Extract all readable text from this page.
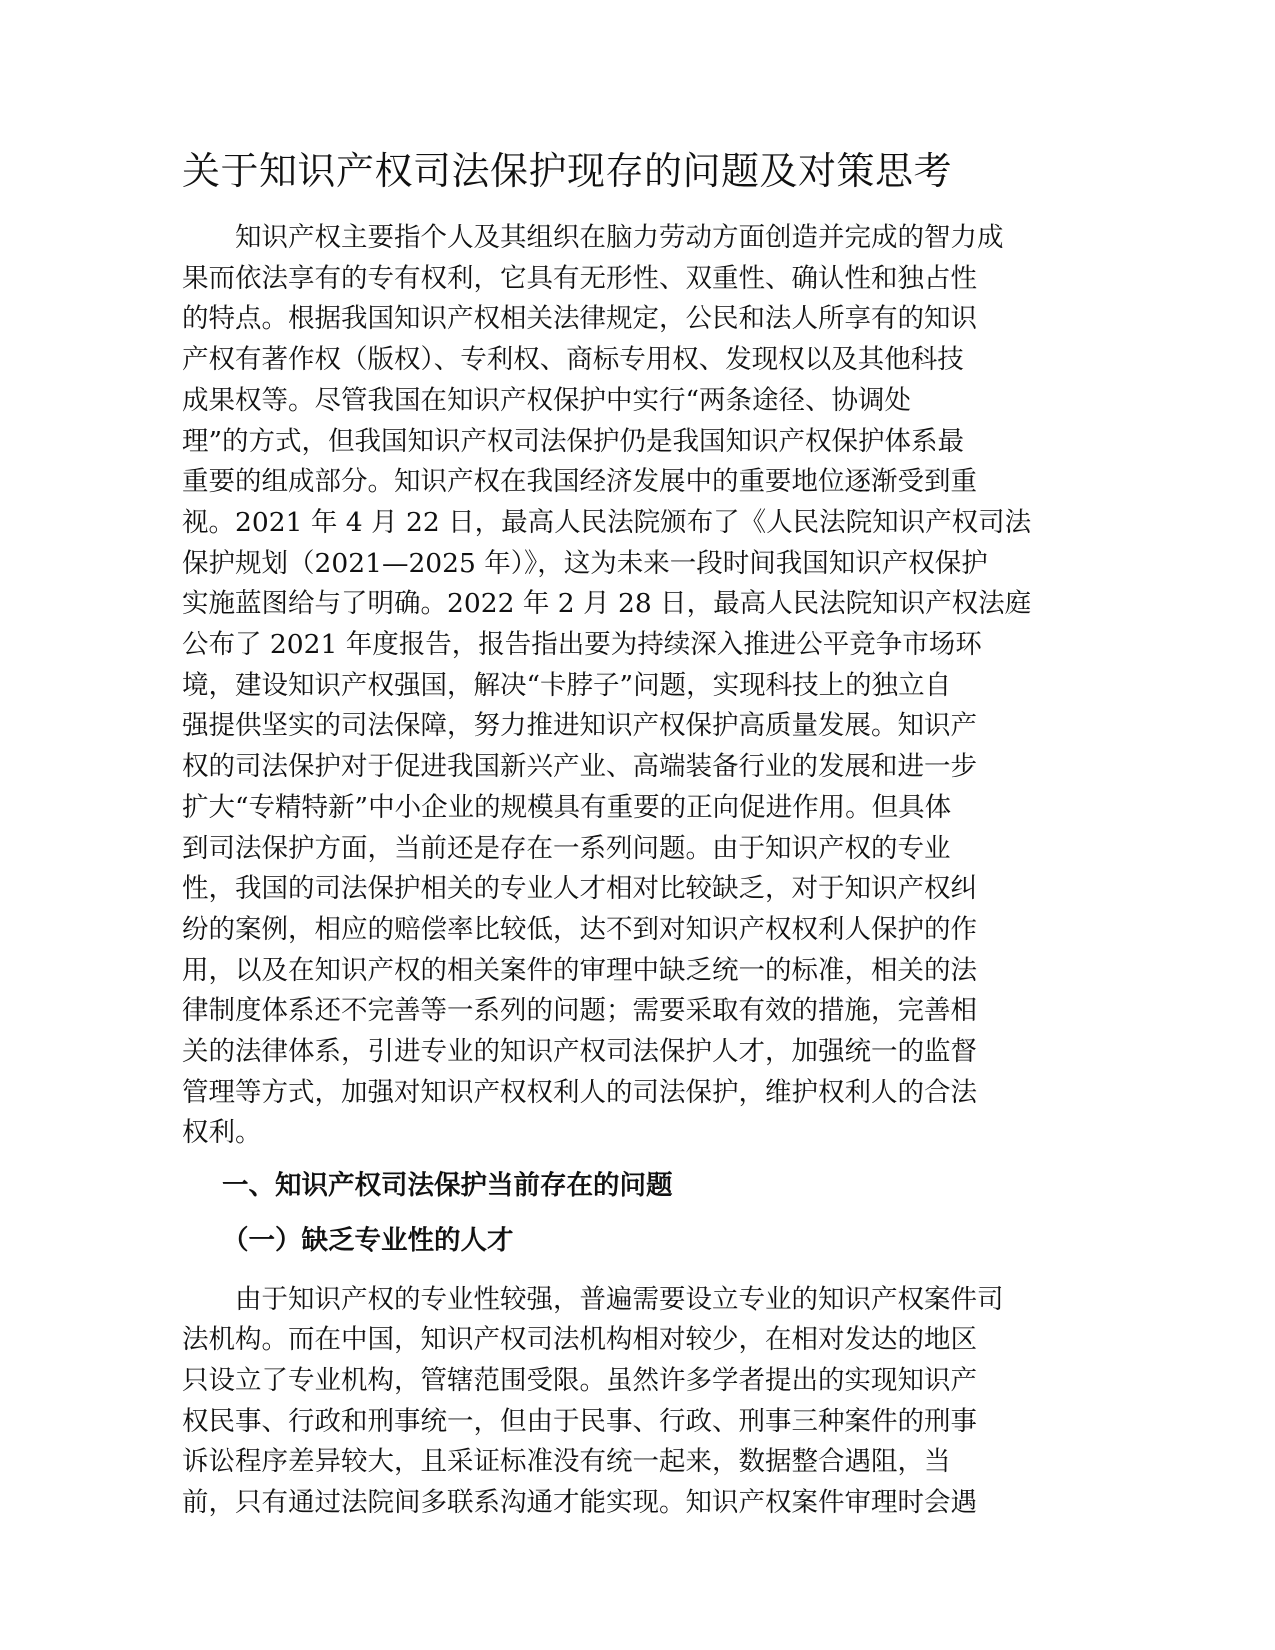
关于知识产权司法保护现存的问题及对策思考

　　知识产权主要指个人及其组织在脑力劳动方面创造并完成的智力成
果而依法享有的专有权利，它具有无形性、双重性、确认性和独占性
的特点。根据我国知识产权相关法律规定，公民和法人所享有的知识
产权有著作权（版权）、专利权、商标专用权、发现权以及其他科技
成果权等。尽管我国在知识产权保护中实行“两条途径、协调处
理”的方式，但我国知识产权司法保护仍是我国知识产权保护体系最
重要的组成部分。知识产权在我国经济发展中的重要地位逐渐受到重
视。2021 年 4 月 22 日，最高人民法院颁布了《人民法院知识产权司法
保护规划（2021—2025 年）》，这为未来一段时间我国知识产权保护
实施蓝图给与了明确。2022 年 2 月 28 日，最高人民法院知识产权法庭
公布了 2021 年度报告，报告指出要为持续深入推进公平竞争市场环
境，建设知识产权强国，解决“卡脖子”问题，实现科技上的独立自
强提供坚实的司法保障，努力推进知识产权保护高质量发展。知识产
权的司法保护对于促进我国新兴产业、高端装备行业的发展和进一步
扩大“专精特新”中小企业的规模具有重要的正向促进作用。但具体
到司法保护方面，当前还是存在一系列问题。由于知识产权的专业
性，我国的司法保护相关的专业人才相对比较缺乏，对于知识产权纠
纷的案例，相应的赔偿率比较低，达不到对知识产权权利人保护的作
用，以及在知识产权的相关案件的审理中缺乏统一的标准，相关的法
律制度体系还不完善等一系列的问题；需要采取有效的措施，完善相
关的法律体系，引进专业的知识产权司法保护人才，加强统一的监督
管理等方式，加强对知识产权权利人的司法保护，维护权利人的合法
权利。

一、知识产权司法保护当前存在的问题
（一）缺乏专业性的人才

　　由于知识产权的专业性较强，普遍需要设立专业的知识产权案件司
法机构。而在中国，知识产权司法机构相对较少，在相对发达的地区
只设立了专业机构，管辖范围受限。虽然许多学者提出的实现知识产
权民事、行政和刑事统一，但由于民事、行政、刑事三种案件的刑事
诉讼程序差异较大，且采证标准没有统一起来，数据整合遇阻，当
前，只有通过法院间多联系沟通才能实现。知识产权案件审理时会遇
